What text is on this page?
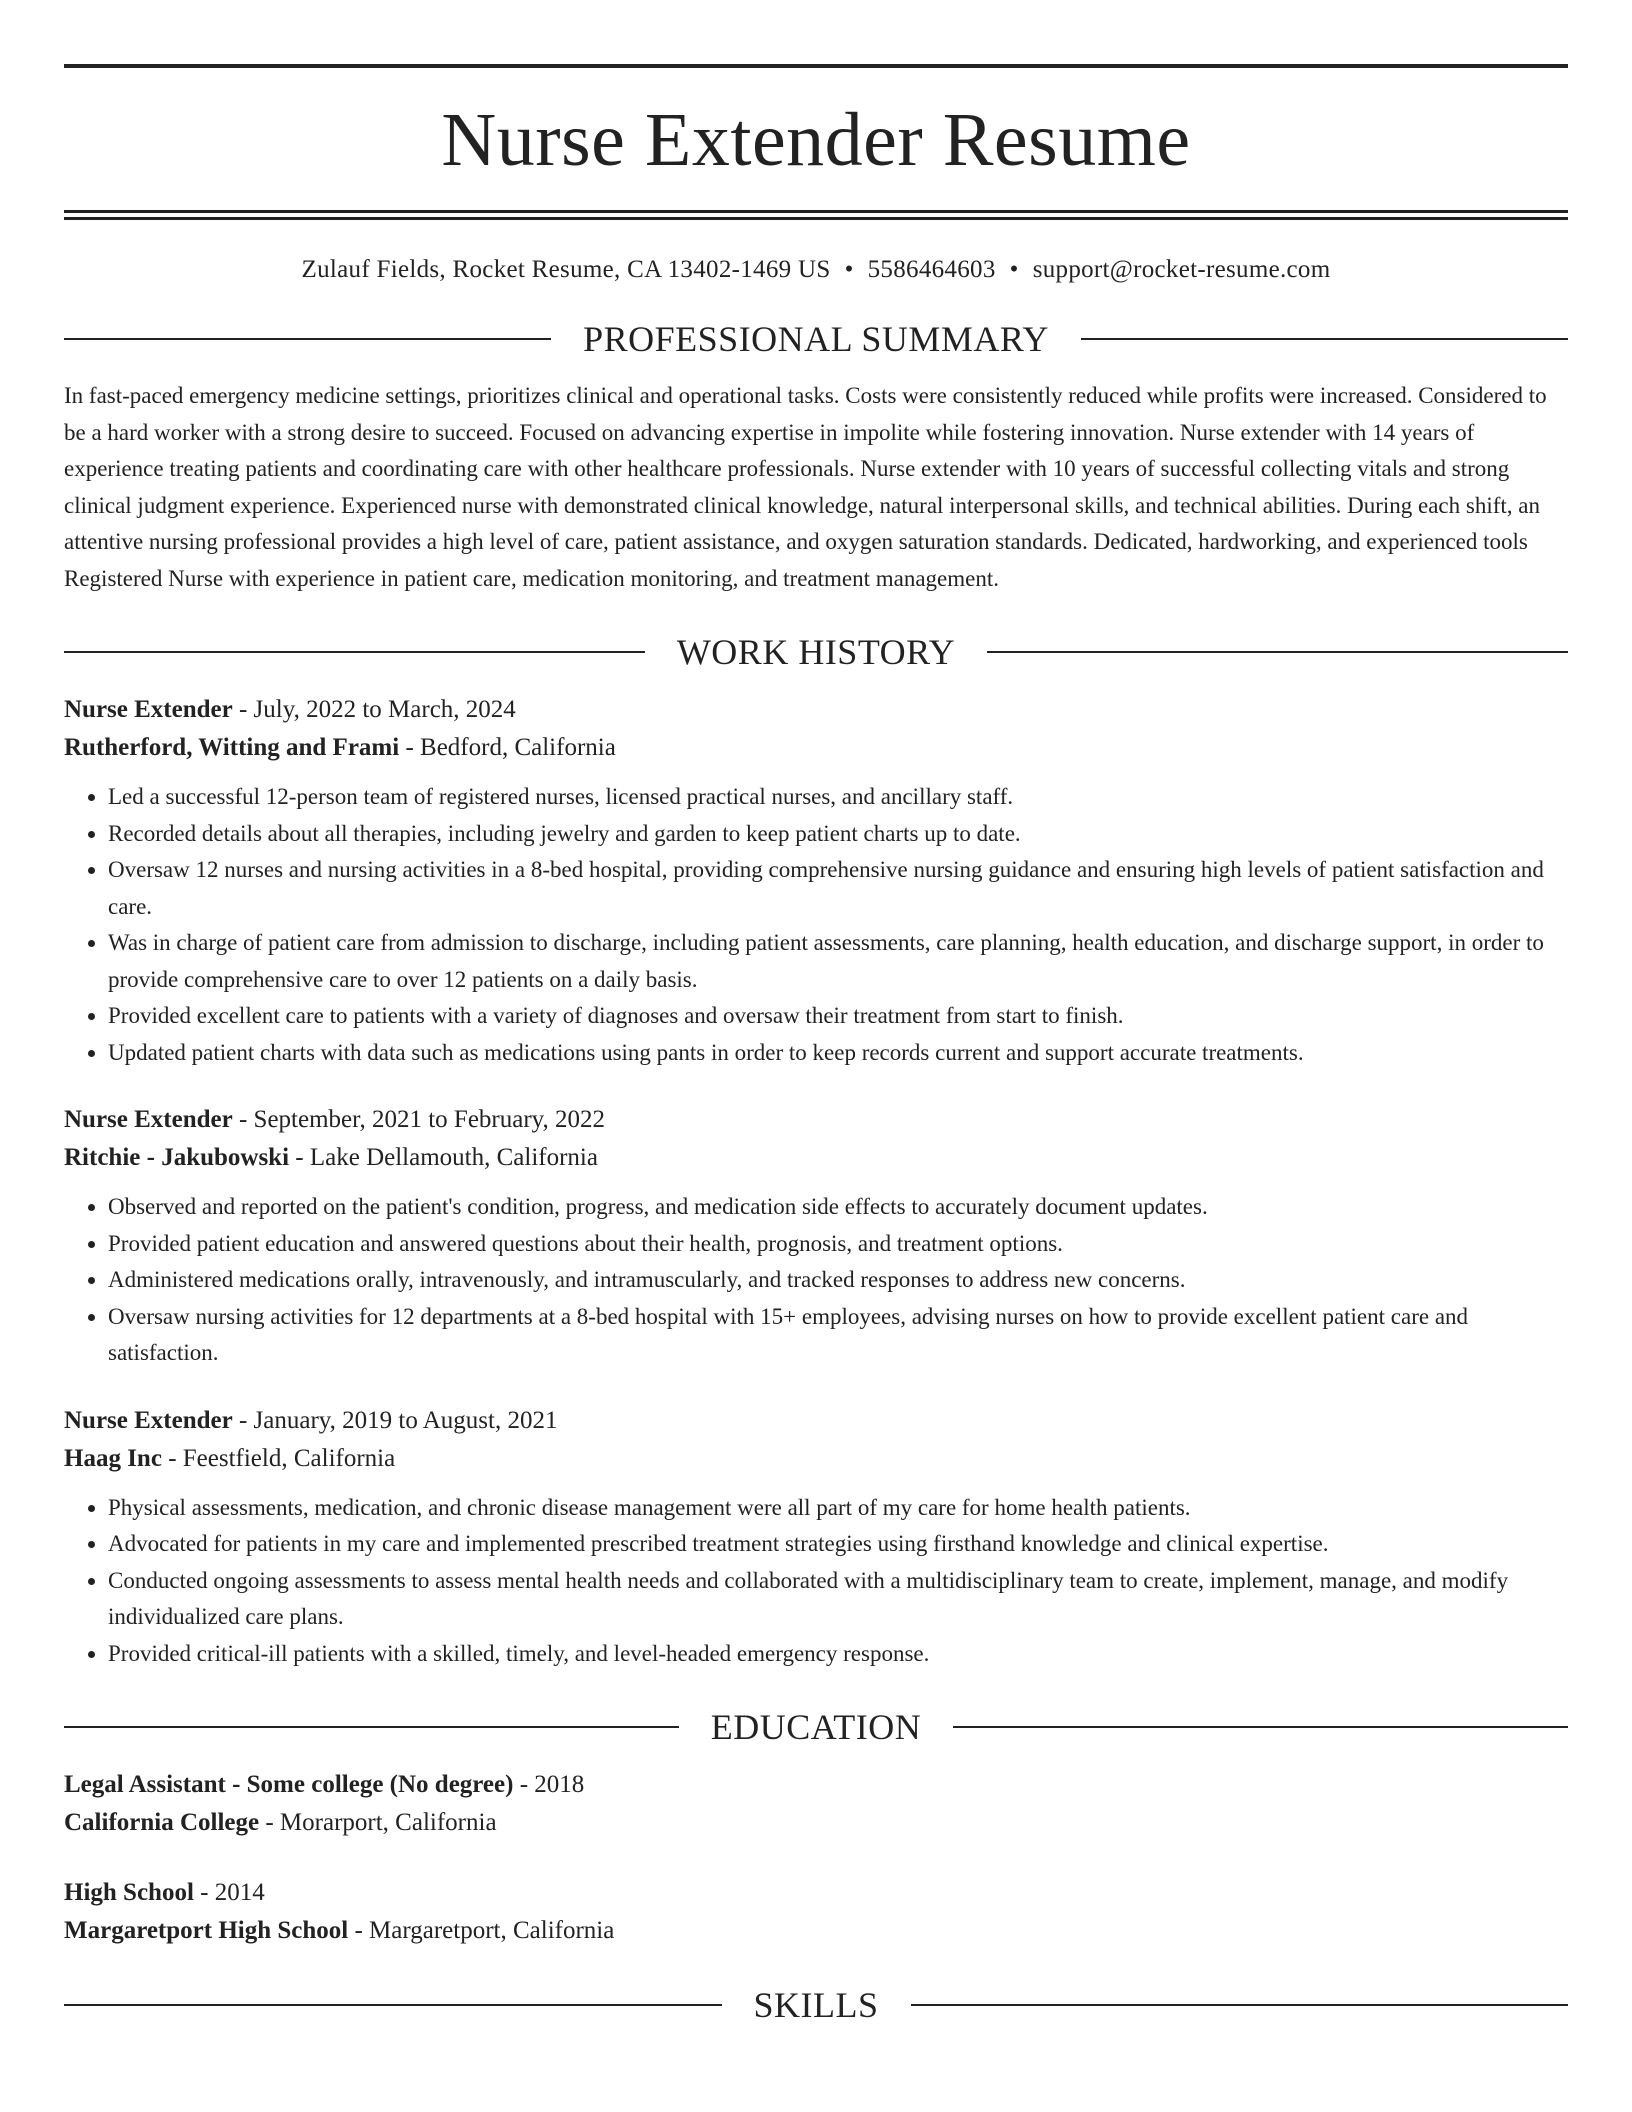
Nurse Extender Resume
Zulauf Fields, Rocket Resume, CA 13402-1469 US • 5586464603 • support@rocket-resume.com
PROFESSIONAL SUMMARY

In fast-paced emergency medicine settings, prioritizes clinical and operational tasks. Costs were consistently reduced while profits were increased. Considered to be a hard worker with a strong desire to succeed. Focused on advancing expertise in impolite while fostering innovation. Nurse extender with 14 years of experience treating patients and coordinating care with other healthcare professionals. Nurse extender with 10 years of successful collecting vitals and strong clinical judgment experience. Experienced nurse with demonstrated clinical knowledge, natural interpersonal skills, and technical abilities. During each shift, an attentive nursing professional provides a high level of care, patient assistance, and oxygen saturation standards. Dedicated, hardworking, and experienced tools Registered Nurse with experience in patient care, medication monitoring, and treatment management.

WORK HISTORY
Nurse Extender - July, 2022 to March, 2024
Rutherford, Witting and Frami - Bedford, California
• Led a successful 12-person team of registered nurses, licensed practical nurses, and ancillary staff.
• Recorded details about all therapies, including jewelry and garden to keep patient charts up to date.
• Oversaw 12 nurses and nursing activities in a 8-bed hospital, providing comprehensive nursing guidance and ensuring high levels of patient satisfaction and care.
• Was in charge of patient care from admission to discharge, including patient assessments, care planning, health education, and discharge support, in order to provide comprehensive care to over 12 patients on a daily basis.
• Provided excellent care to patients with a variety of diagnoses and oversaw their treatment from start to finish.
• Updated patient charts with data such as medications using pants in order to keep records current and support accurate treatments.
Nurse Extender - September, 2021 to February, 2022
Ritchie - Jakubowski - Lake Dellamouth, California
• Observed and reported on the patient's condition, progress, and medication side effects to accurately document updates.
• Provided patient education and answered questions about their health, prognosis, and treatment options.
• Administered medications orally, intravenously, and intramuscularly, and tracked responses to address new concerns.
• Oversaw nursing activities for 12 departments at a 8-bed hospital with 15+ employees, advising nurses on how to provide excellent patient care and satisfaction.
Nurse Extender - January, 2019 to August, 2021
Haag Inc - Feestfield, California
• Physical assessments, medication, and chronic disease management were all part of my care for home health patients.
• Advocated for patients in my care and implemented prescribed treatment strategies using firsthand knowledge and clinical expertise.
• Conducted ongoing assessments to assess mental health needs and collaborated with a multidisciplinary team to create, implement, manage, and modify individualized care plans.
• Provided critical-ill patients with a skilled, timely, and level-headed emergency response.
EDUCATION
Legal Assistant - Some college (No degree) - 2018
California College - Morarport, California
High School - 2014
Margaretport High School - Margaretport, California
SKILLS
